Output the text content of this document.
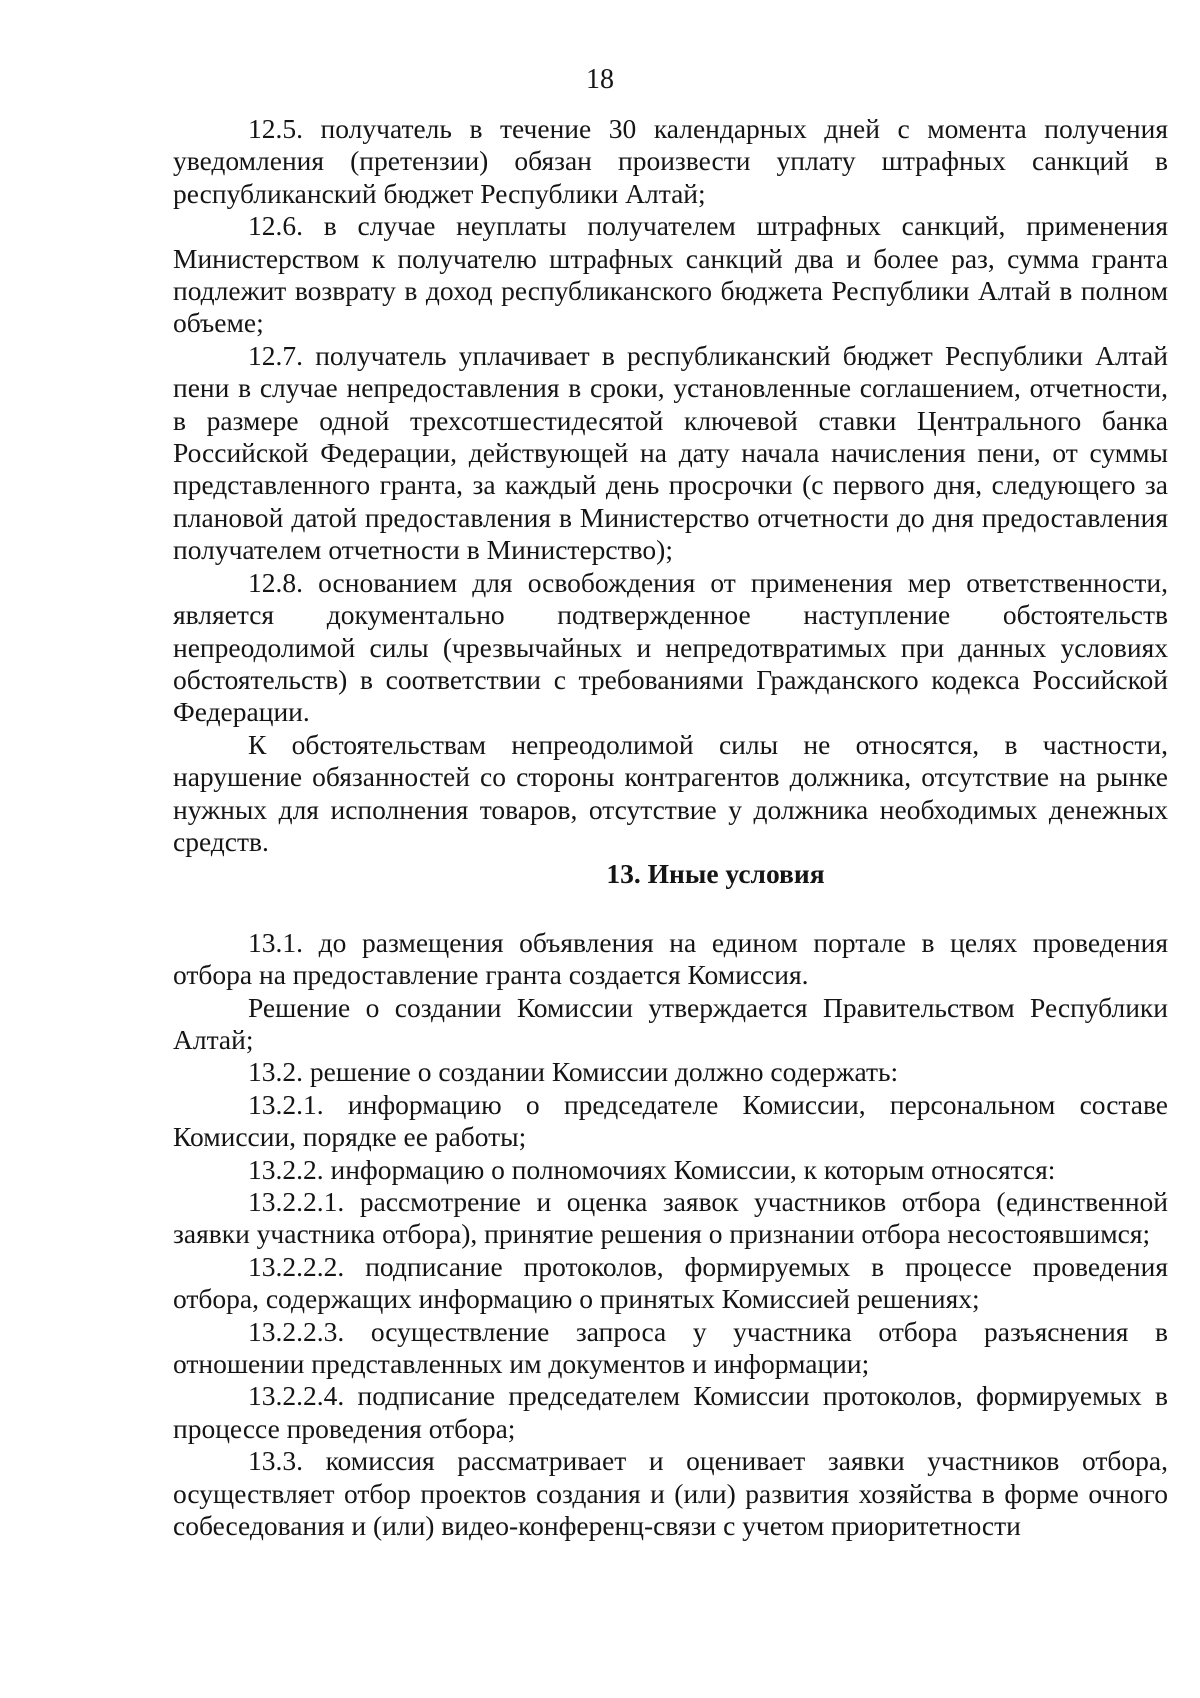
18

12.5. получатель в течение 30 календарных дней с момента получения уведомления (претензии) обязан произвести уплату штрафных санкций в республиканский бюджет Республики Алтай;

12.6. в случае неуплаты получателем штрафных санкций, применения Министерством к получателю штрафных санкций два и более раз, сумма гранта подлежит возврату в доход республиканского бюджета Республики Алтай в полном объеме;

12.7. получатель уплачивает в республиканский бюджет Республики Алтай пени в случае непредоставления в сроки, установленные соглашением, отчетности, в размере одной трехсотшестидесятой ключевой ставки Центрального банка Российской Федерации, действующей на дату начала начисления пени, от суммы представленного гранта, за каждый день просрочки (с первого дня, следующего за плановой датой предоставления в Министерство отчетности до дня предоставления получателем отчетности в Министерство);

12.8. основанием для освобождения от применения мер ответственности, является документально подтвержденное наступление обстоятельств непреодолимой силы (чрезвычайных и непредотвратимых при данных условиях обстоятельств) в соответствии с требованиями Гражданского кодекса Российской Федерации.

К обстоятельствам непреодолимой силы не относятся, в частности, нарушение обязанностей со стороны контрагентов должника, отсутствие на рынке нужных для исполнения товаров, отсутствие у должника необходимых денежных средств.

13. Иные условия

13.1. до размещения объявления на едином портале в целях проведения отбора на предоставление гранта создается Комиссия.

Решение о создании Комиссии утверждается Правительством Республики Алтай;

13.2. решение о создании Комиссии должно содержать:

13.2.1. информацию о председателе Комиссии, персональном составе Комиссии, порядке ее работы;

13.2.2. информацию о полномочиях Комиссии, к которым относятся:

13.2.2.1. рассмотрение и оценка заявок участников отбора (единственной заявки участника отбора), принятие решения о признании отбора несостоявшимся;

13.2.2.2. подписание протоколов, формируемых в процессе проведения отбора, содержащих информацию о принятых Комиссией решениях;

13.2.2.3. осуществление запроса у участника отбора разъяснения в отношении представленных им документов и информации;

13.2.2.4. подписание председателем Комиссии протоколов, формируемых в процессе проведения отбора;

13.3. комиссия рассматривает и оценивает заявки участников отбора, осуществляет отбор проектов создания и (или) развития хозяйства в форме очного собеседования и (или) видео-конференц-связи с учетом приоритетности
